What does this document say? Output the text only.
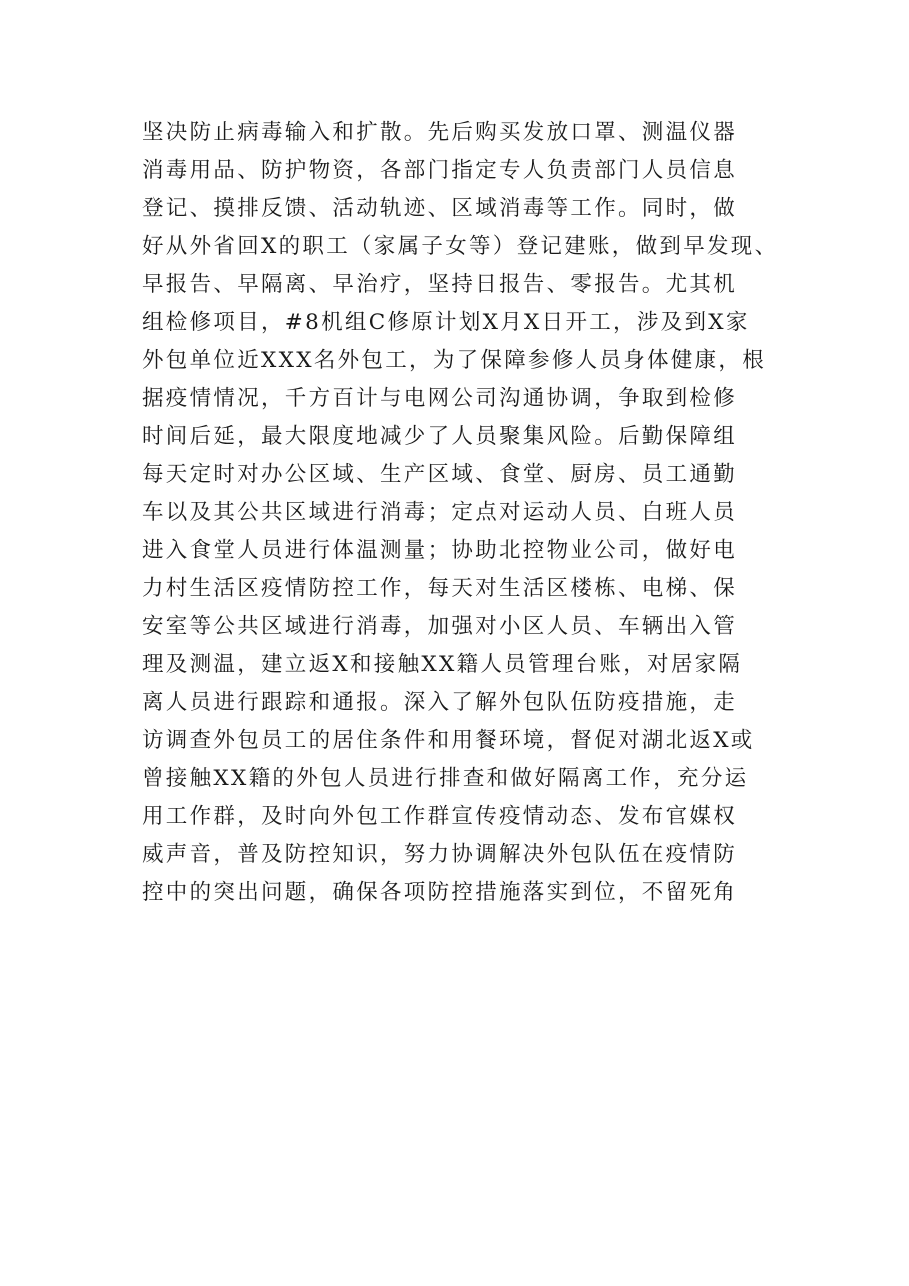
坚决防止病毒输入和扩散。先后购买发放口罩、测温仪器
消毒用品、防护物资，各部门指定专人负责部门人员信息
登记、摸排反馈、活动轨迹、区域消毒等工作。同时，做
好从外省回X的职工（家属子女等）登记建账，做到早发现、
早报告、早隔离、早治疗，坚持日报告、零报告。尤其机
组检修项目，#8机组C修原计划X月X日开工，涉及到X家
外包单位近XXX名外包工，为了保障参修人员身体健康，根
据疫情情况，千方百计与电网公司沟通协调，争取到检修
时间后延，最大限度地减少了人员聚集风险。后勤保障组
每天定时对办公区域、生产区域、食堂、厨房、员工通勤
车以及其公共区域进行消毒；定点对运动人员、白班人员
进入食堂人员进行体温测量；协助北控物业公司，做好电
力村生活区疫情防控工作，每天对生活区楼栋、电梯、保
安室等公共区域进行消毒，加强对小区人员、车辆出入管
理及测温，建立返X和接触XX籍人员管理台账，对居家隔
离人员进行跟踪和通报。深入了解外包队伍防疫措施，走
访调查外包员工的居住条件和用餐环境，督促对湖北返X或
曾接触XX籍的外包人员进行排查和做好隔离工作，充分运
用工作群，及时向外包工作群宣传疫情动态、发布官媒权
威声音，普及防控知识，努力协调解决外包队伍在疫情防
控中的突出问题，确保各项防控措施落实到位，不留死角
